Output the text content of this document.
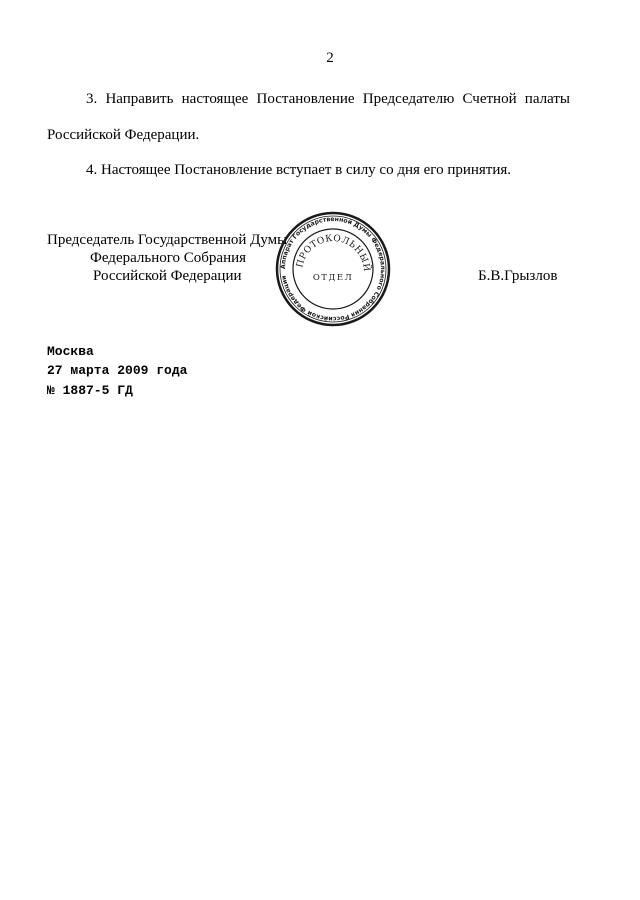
2
3. Направить настоящее Постановление Председателю Счетной палаты
Российской Федерации.
4. Настоящее Постановление вступает в силу со дня его принятия.
Председатель Государственной Думы
Федерального Собрания
Российской Федерации
Аппарат Государственной Думы Федерального Собрания Российской Федерации
ПРОТОКОЛЬНЫЙ
ОТДЕЛ	Б.В.Грызлов
Москва
27 марта 2009 года
№ 1887-5 ГД
